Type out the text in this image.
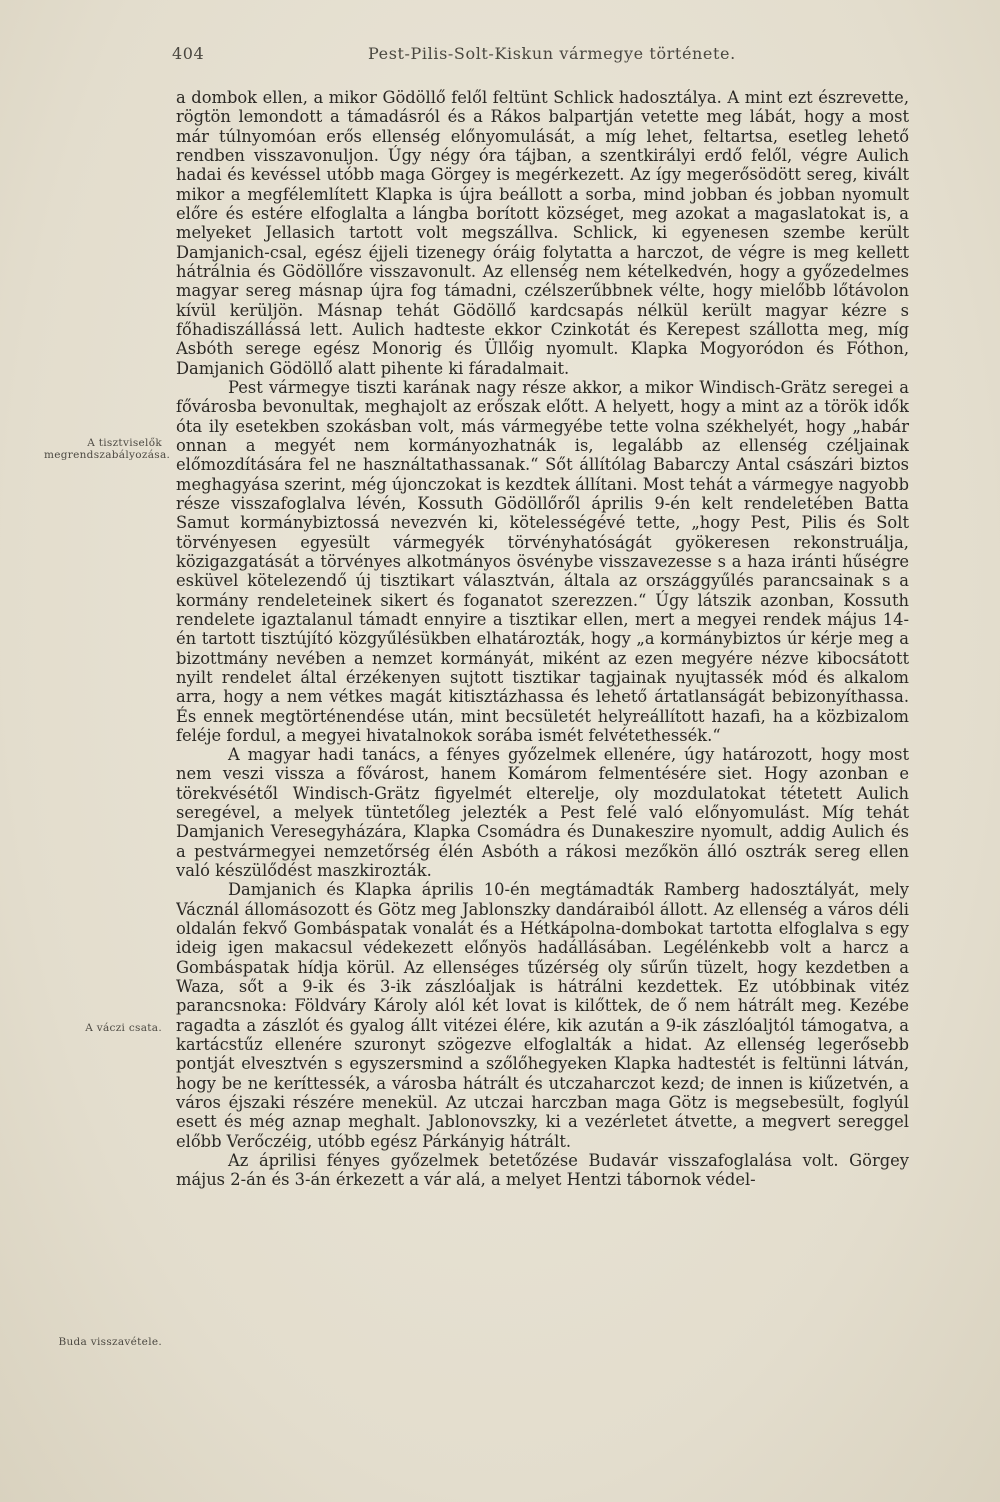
404	Pest-Pilis-Solt-Kiskun vármegye története.
A tisztviselők megrendszabályozása.
A váczi csata.
Buda visszavétele.

a dombok ellen, a mikor Gödöllő felől feltünt Schlick hadosztálya. A mint ezt észrevette, rögtön lemondott a támadásról és a Rákos balpartján vetette meg lábát, hogy a most már túlnyomóan erős ellenség előnyomulását, a míg lehet, feltartsa, esetleg lehető rendben visszavonuljon. Úgy négy óra tájban, a szentkirályi erdő felől, végre Aulich hadai és kevéssel utóbb maga Görgey is megérkezett. Az így megerősödött sereg, kivált mikor a megfélemlített Klapka is újra beállott a sorba, mind jobban és jobban nyomult előre és estére elfoglalta a lángba borított községet, meg azokat a magaslatokat is, a melyeket Jellasich tartott volt megszállva. Schlick, ki egyenesen szembe került Damjanich-csal, egész éjjeli tizenegy óráig folytatta a harczot, de végre is meg kellett hátrálnia és Gödöllőre visszavonult. Az ellenség nem kételkedvén, hogy a győzedelmes magyar sereg másnap újra fog támadni, czélszerűbbnek vélte, hogy mielőbb lőtávolon kívül kerüljön. Másnap tehát Gödöllő kardcsapás nélkül került magyar kézre s főhadiszállássá lett. Aulich hadteste ekkor Czinkotát és Kerepest szállotta meg, míg Asbóth serege egész Monorig és Üllőig nyomult. Klapka Mogyoródon és Fóthon, Damjanich Gödöllő alatt pihente ki fáradalmait.

Pest vármegye tiszti karának nagy része akkor, a mikor Windisch-Grätz seregei a fővárosba bevonultak, meghajolt az erőszak előtt. A helyett, hogy a mint az a török idők óta ily esetekben szokásban volt, más vármegyébe tette volna székhelyét, hogy „habár onnan a megyét nem kormányozhatnák is, legalább az ellenség czéljainak előmozdítására fel ne használtathassanak.“ Sőt állítólag Babarczy Antal császári biztos meghagyása szerint, még újonczokat is kezdtek állítani. Most tehát a vármegye nagyobb része visszafoglalva lévén, Kossuth Gödöllőről április 9-én kelt rendeletében Batta Samut kormánybiztossá nevezvén ki, kötelességévé tette, „hogy Pest, Pilis és Solt törvényesen egyesült vármegyék törvényhatóságát gyökeresen rekonstruálja, közigazgatását a törvényes alkotmányos ösvénybe visszavezesse s a haza iránti hűségre esküvel kötelezendő új tisztikart választván, általa az országgyűlés parancsainak s a kormány rendeleteinek sikert és foganatot szerezzen.“ Úgy látszik azonban, Kossuth rendelete igaztalanul támadt ennyire a tisztikar ellen, mert a megyei rendek május 14-én tartott tisztújító közgyűlésükben elhatározták, hogy „a kormánybiztos úr kérje meg a bizottmány nevében a nemzet kormányát, miként az ezen megyére nézve kibocsátott nyilt rendelet által érzékenyen sujtott tisztikar tagjainak nyujtassék mód és alkalom arra, hogy a nem vétkes magát kitisztázhassa és lehető ártatlanságát bebizonyíthassa. És ennek megtörténendése után, mint becsületét helyreállított hazafi, ha a közbizalom feléje fordul, a megyei hivatalnokok sorába ismét felvétethessék.“

A magyar hadi tanács, a fényes győzelmek ellenére, úgy határozott, hogy most nem veszi vissza a fővárost, hanem Komárom felmentésére siet. Hogy azonban e törekvésétől Windisch-Grätz figyelmét elterelje, oly mozdulatokat tétetett Aulich seregével, a melyek tüntetőleg jelezték a Pest felé való előnyomulást. Míg tehát Damjanich Veresegyházára, Klapka Csomádra és Dunakeszire nyomult, addig Aulich és a pestvármegyei nemzetőrség élén Asbóth a rákosi mezőkön álló osztrák sereg ellen való készülődést maszkirozták.

Damjanich és Klapka április 10-én megtámadták Ramberg hadosztályát, mely Vácznál állomásozott és Götz meg Jablonszky dandáraiból állott. Az ellenség a város déli oldalán fekvő Gombáspatak vonalát és a Hétkápolna-dombokat tartotta elfoglalva s egy ideig igen makacsul védekezett előnyös hadállásában. Legélénkebb volt a harcz a Gombáspatak hídja körül. Az ellenséges tűzérség oly sűrűn tüzelt, hogy kezdetben a Waza, sőt a 9-ik és 3-ik zászlóaljak is hátrálni kezdettek. Ez utóbbinak vitéz parancsnoka: Földváry Károly alól két lovat is kilőttek, de ő nem hátrált meg. Kezébe ragadta a zászlót és gyalog állt vitézei élére, kik azután a 9-ik zászlóaljtól támogatva, a kartácstűz ellenére szuronyt szögezve elfoglalták a hidat. Az ellenség legerősebb pontját elvesztvén s egyszersmind a szőlőhegyeken Klapka hadtestét is feltünni látván, hogy be ne keríttessék, a városba hátrált és utczaharczot kezd; de innen is kiűzetvén, a város éjszaki részére menekül. Az utczai harczban maga Götz is megsebesült, foglyúl esett és még aznap meghalt. Jablonovszky, ki a vezérletet átvette, a megvert sereggel előbb Verőczéig, utóbb egész Párkányig hátrált.

Az áprilisi fényes győzelmek betetőzése Budavár visszafoglalása volt. Görgey május 2-án és 3-án érkezett a vár alá, a melyet Hentzi tábornok védel-
